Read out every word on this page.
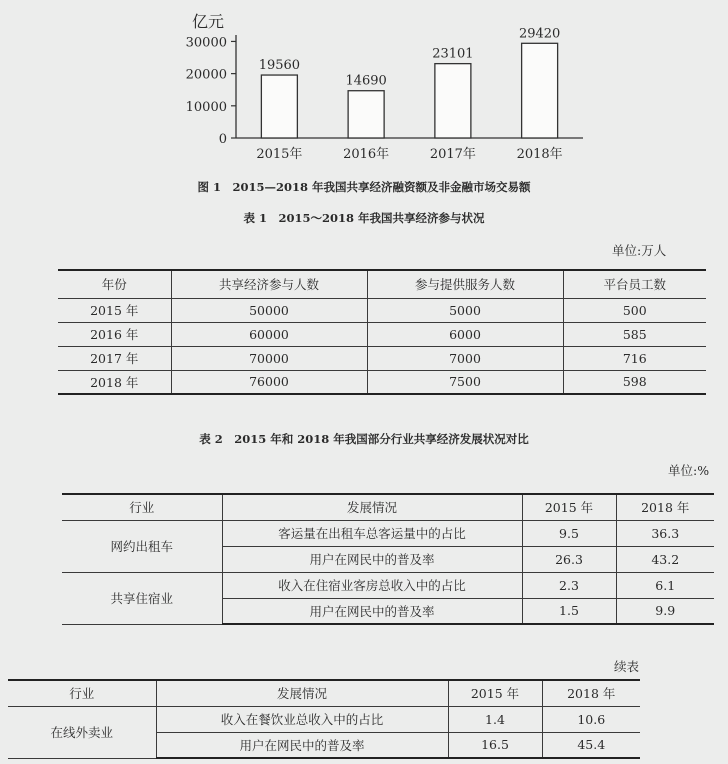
亿元
0
10000
20000
30000
19560
2015年
14690
2016年
23101
2017年
29420
2018年
图 1　2015—2018 年我国共享经济融资额及非金融市场交易额
表 1　2015～2018 年我国共享经济参与状况
单位:万人
年份	共享经济参与人数	参与提供服务人数	平台员工数
2015 年	50000	5000	500
2016 年	60000	6000	585
2017 年	70000	7000	716
2018 年	76000	7500	598
表 2　2015 年和 2018 年我国部分行业共享经济发展状况对比
单位:%
行业	发展情况	2015 年	2018 年
网约出租车	客运量在出租车总客运量中的占比	9.5	36.3
	用户在网民中的普及率	26.3	43.2
共享住宿业	收入在住宿业客房总收入中的占比	2.3	6.1
	用户在网民中的普及率	1.5	9.9
续表
行业	发展情况	2015 年	2018 年
在线外卖业	收入在餐饮业总收入中的占比	1.4	10.6
	用户在网民中的普及率	16.5	45.4
